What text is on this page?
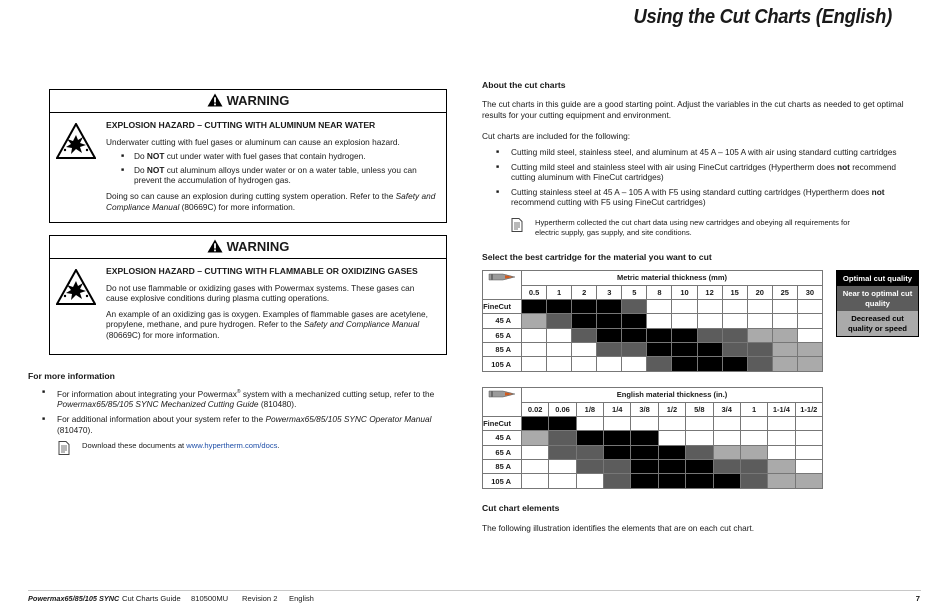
Using the Cut Charts (English)
WARNING
EXPLOSION HAZARD – CUTTING WITH ALUMINUM NEAR WATER

Underwater cutting with fuel gases or aluminum can cause an explosion hazard.

■ Do NOT cut under water with fuel gases that contain hydrogen.
■ Do NOT cut aluminum alloys under water or on a water table, unless you can prevent the accumulation of hydrogen gas.

Doing so can cause an explosion during cutting system operation. Refer to the Safety and Compliance Manual (80669C) for more information.

WARNING
EXPLOSION HAZARD – CUTTING WITH FLAMMABLE OR OXIDIZING GASES

Do not use flammable or oxidizing gases with Powermax systems. These gases can cause explosive conditions during plasma cutting operations.

An example of an oxidizing gas is oxygen. Examples of flammable gases are acetylene, propylene, methane, and pure hydrogen. Refer to the Safety and Compliance Manual (80669C) for more information.

For more information
■ For information about integrating your Powermax® system with a mechanized cutting setup, refer to the Powermax65/85/105 SYNC Mechanized Cutting Guide (810480).
■ For additional information about your system refer to the Powermax65/85/105 SYNC Operator Manual (810470).
Download these documents at www.hypertherm.com/docs.
About the cut charts
The cut charts in this guide are a good starting point. Adjust the variables in the cut charts as needed to get optimal results for your cutting equipment and environment.
Cut charts are included for the following:
■ Cutting mild steel, stainless steel, and aluminum at 45 A – 105 A with air using standard cutting cartridges
■ Cutting mild steel and stainless steel with air using FineCut cartridges (Hypertherm does not recommend cutting aluminum with FineCut cartridges)
■ Cutting stainless steel at 45 A – 105 A with F5 using standard cutting cartridges (Hypertherm does not recommend cutting with F5 using FineCut cartridges)
Hypertherm collected the cut chart data using new cartridges and obeying all requirements for electric supply, gas supply, and site conditions.
Select the best cartridge for the material you want to cut
	Metric material thickness (mm)											
	0.5	1	2	3	5	8	10	12	15	20	25	30
FineCut												
45 A												
65 A												
85 A												
105 A												
	English material thickness (in.)										
	0.02	0.06	1/8	1/4	3/8	1/2	5/8	3/4	1	1-1/4	1-1/2
FineCut											
45 A											
65 A											
85 A											
105 A											
Optimal cut quality
Near to optimal cut quality
Decreased cut quality or speed
Cut chart elements
The following illustration identifies the elements that are on each cut chart.
Powermax65/85/105 SYNC Cut Charts Guide 810500MU Revision 2 English	7
